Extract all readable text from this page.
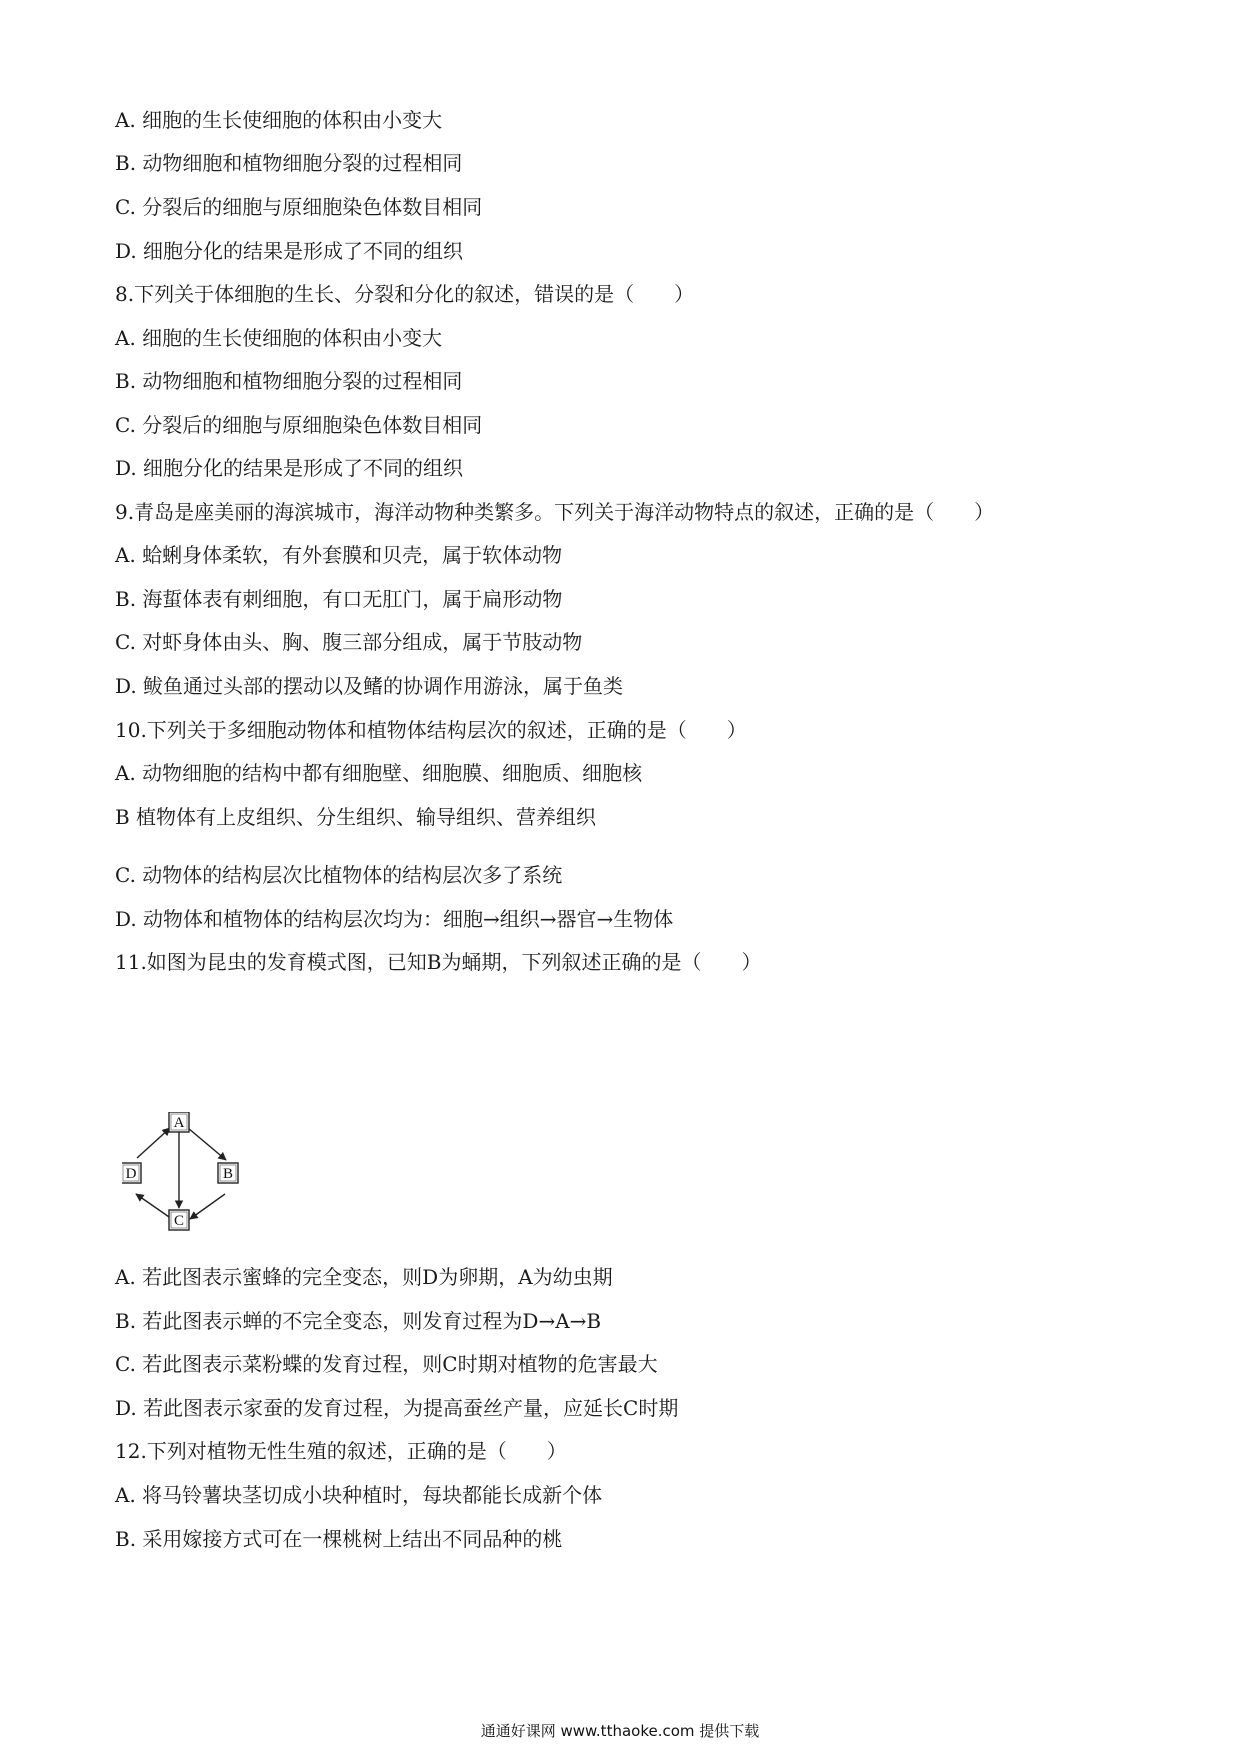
A. 细胞的生长使细胞的体积由小变大
B. 动物细胞和植物细胞分裂的过程相同
C. 分裂后的细胞与原细胞染色体数目相同
D. 细胞分化的结果是形成了不同的组织
8.下列关于体细胞的生长、分裂和分化的叙述，错误的是（　　）
A. 细胞的生长使细胞的体积由小变大
B. 动物细胞和植物细胞分裂的过程相同
C. 分裂后的细胞与原细胞染色体数目相同
D. 细胞分化的结果是形成了不同的组织
9.青岛是座美丽的海滨城市，海洋动物种类繁多。下列关于海洋动物特点的叙述，正确的是（　　）
A. 蛤蜊身体柔软，有外套膜和贝壳，属于软体动物
B. 海蜇体表有刺细胞，有口无肛门，属于扁形动物
C. 对虾身体由头、胸、腹三部分组成，属于节肢动物
D. 鲅鱼通过头部的摆动以及鳍的协调作用游泳，属于鱼类
10.下列关于多细胞动物体和植物体结构层次的叙述，正确的是（　　）
A. 动物细胞的结构中都有细胞壁、细胞膜、细胞质、细胞核
B 植物体有上皮组织、分生组织、输导组织、营养组织
C. 动物体的结构层次比植物体的结构层次多了系统
D. 动物体和植物体的结构层次均为：细胞→组织→器官→生物体
11.如图为昆虫的发育模式图，已知B为蛹期，下列叙述正确的是（　　）
A
B
C
D
A. 若此图表示蜜蜂的完全变态，则D为卵期，A为幼虫期
B. 若此图表示蝉的不完全变态，则发育过程为D→A→B
C. 若此图表示菜粉蝶的发育过程，则C时期对植物的危害最大
D. 若此图表示家蚕的发育过程，为提高蚕丝产量，应延长C时期
12.下列对植物无性生殖的叙述，正确的是（　　）
A. 将马铃薯块茎切成小块种植时，每块都能长成新个体
B. 采用嫁接方式可在一棵桃树上结出不同品种的桃
通通好课网 www.tthaoke.com 提供下载
